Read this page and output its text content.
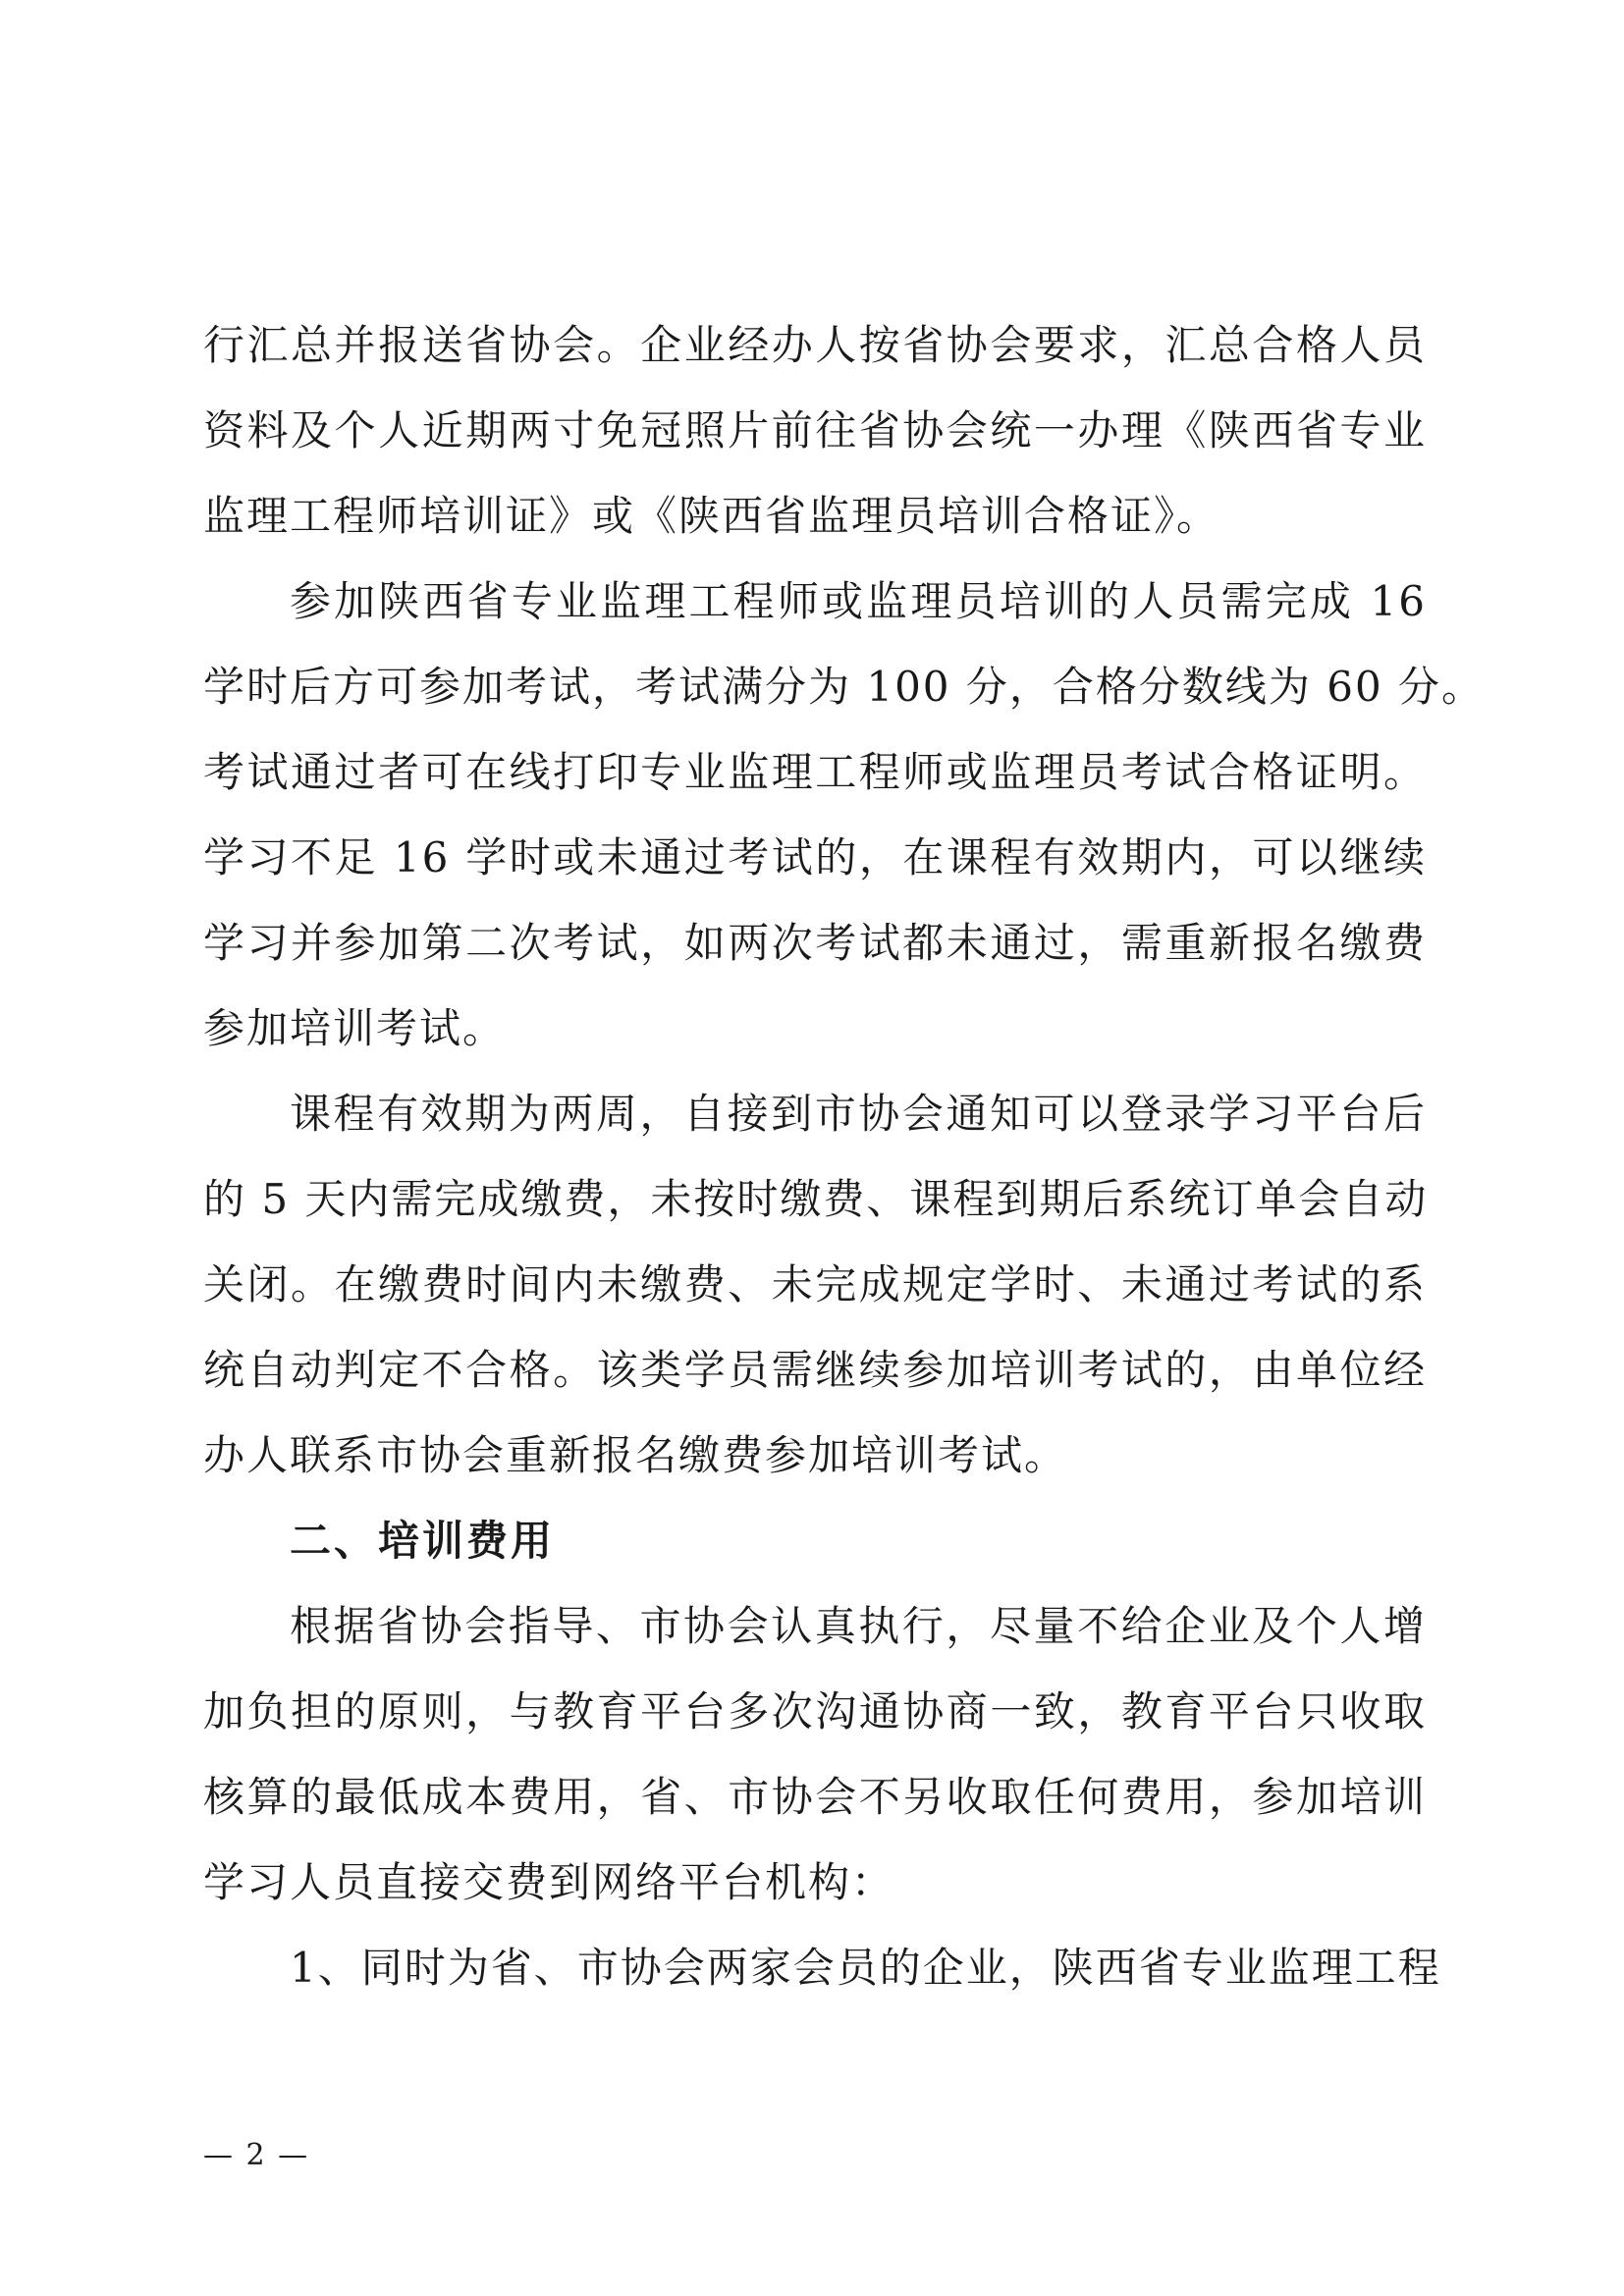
行汇总并报送省协会。企业经办人按省协会要求，汇总合格人员
资料及个人近期两寸免冠照片前往省协会统一办理《陕西省专业
监理工程师培训证》或《陕西省监理员培训合格证》。
参加陕西省专业监理工程师或监理员培训的人员需完成 16
学时后方可参加考试，考试满分为 100 分，合格分数线为 60 分。
考试通过者可在线打印专业监理工程师或监理员考试合格证明。
学习不足 16 学时或未通过考试的，在课程有效期内，可以继续
学习并参加第二次考试，如两次考试都未通过，需重新报名缴费
参加培训考试。
课程有效期为两周，自接到市协会通知可以登录学习平台后
的 5 天内需完成缴费，未按时缴费、课程到期后系统订单会自动
关闭。在缴费时间内未缴费、未完成规定学时、未通过考试的系
统自动判定不合格。该类学员需继续参加培训考试的，由单位经
办人联系市协会重新报名缴费参加培训考试。
二、培训费用
根据省协会指导、市协会认真执行，尽量不给企业及个人增
加负担的原则，与教育平台多次沟通协商一致，教育平台只收取
核算的最低成本费用，省、市协会不另收取任何费用，参加培训
学习人员直接交费到网络平台机构：
1、同时为省、市协会两家会员的企业，陕西省专业监理工程
— 2 —
